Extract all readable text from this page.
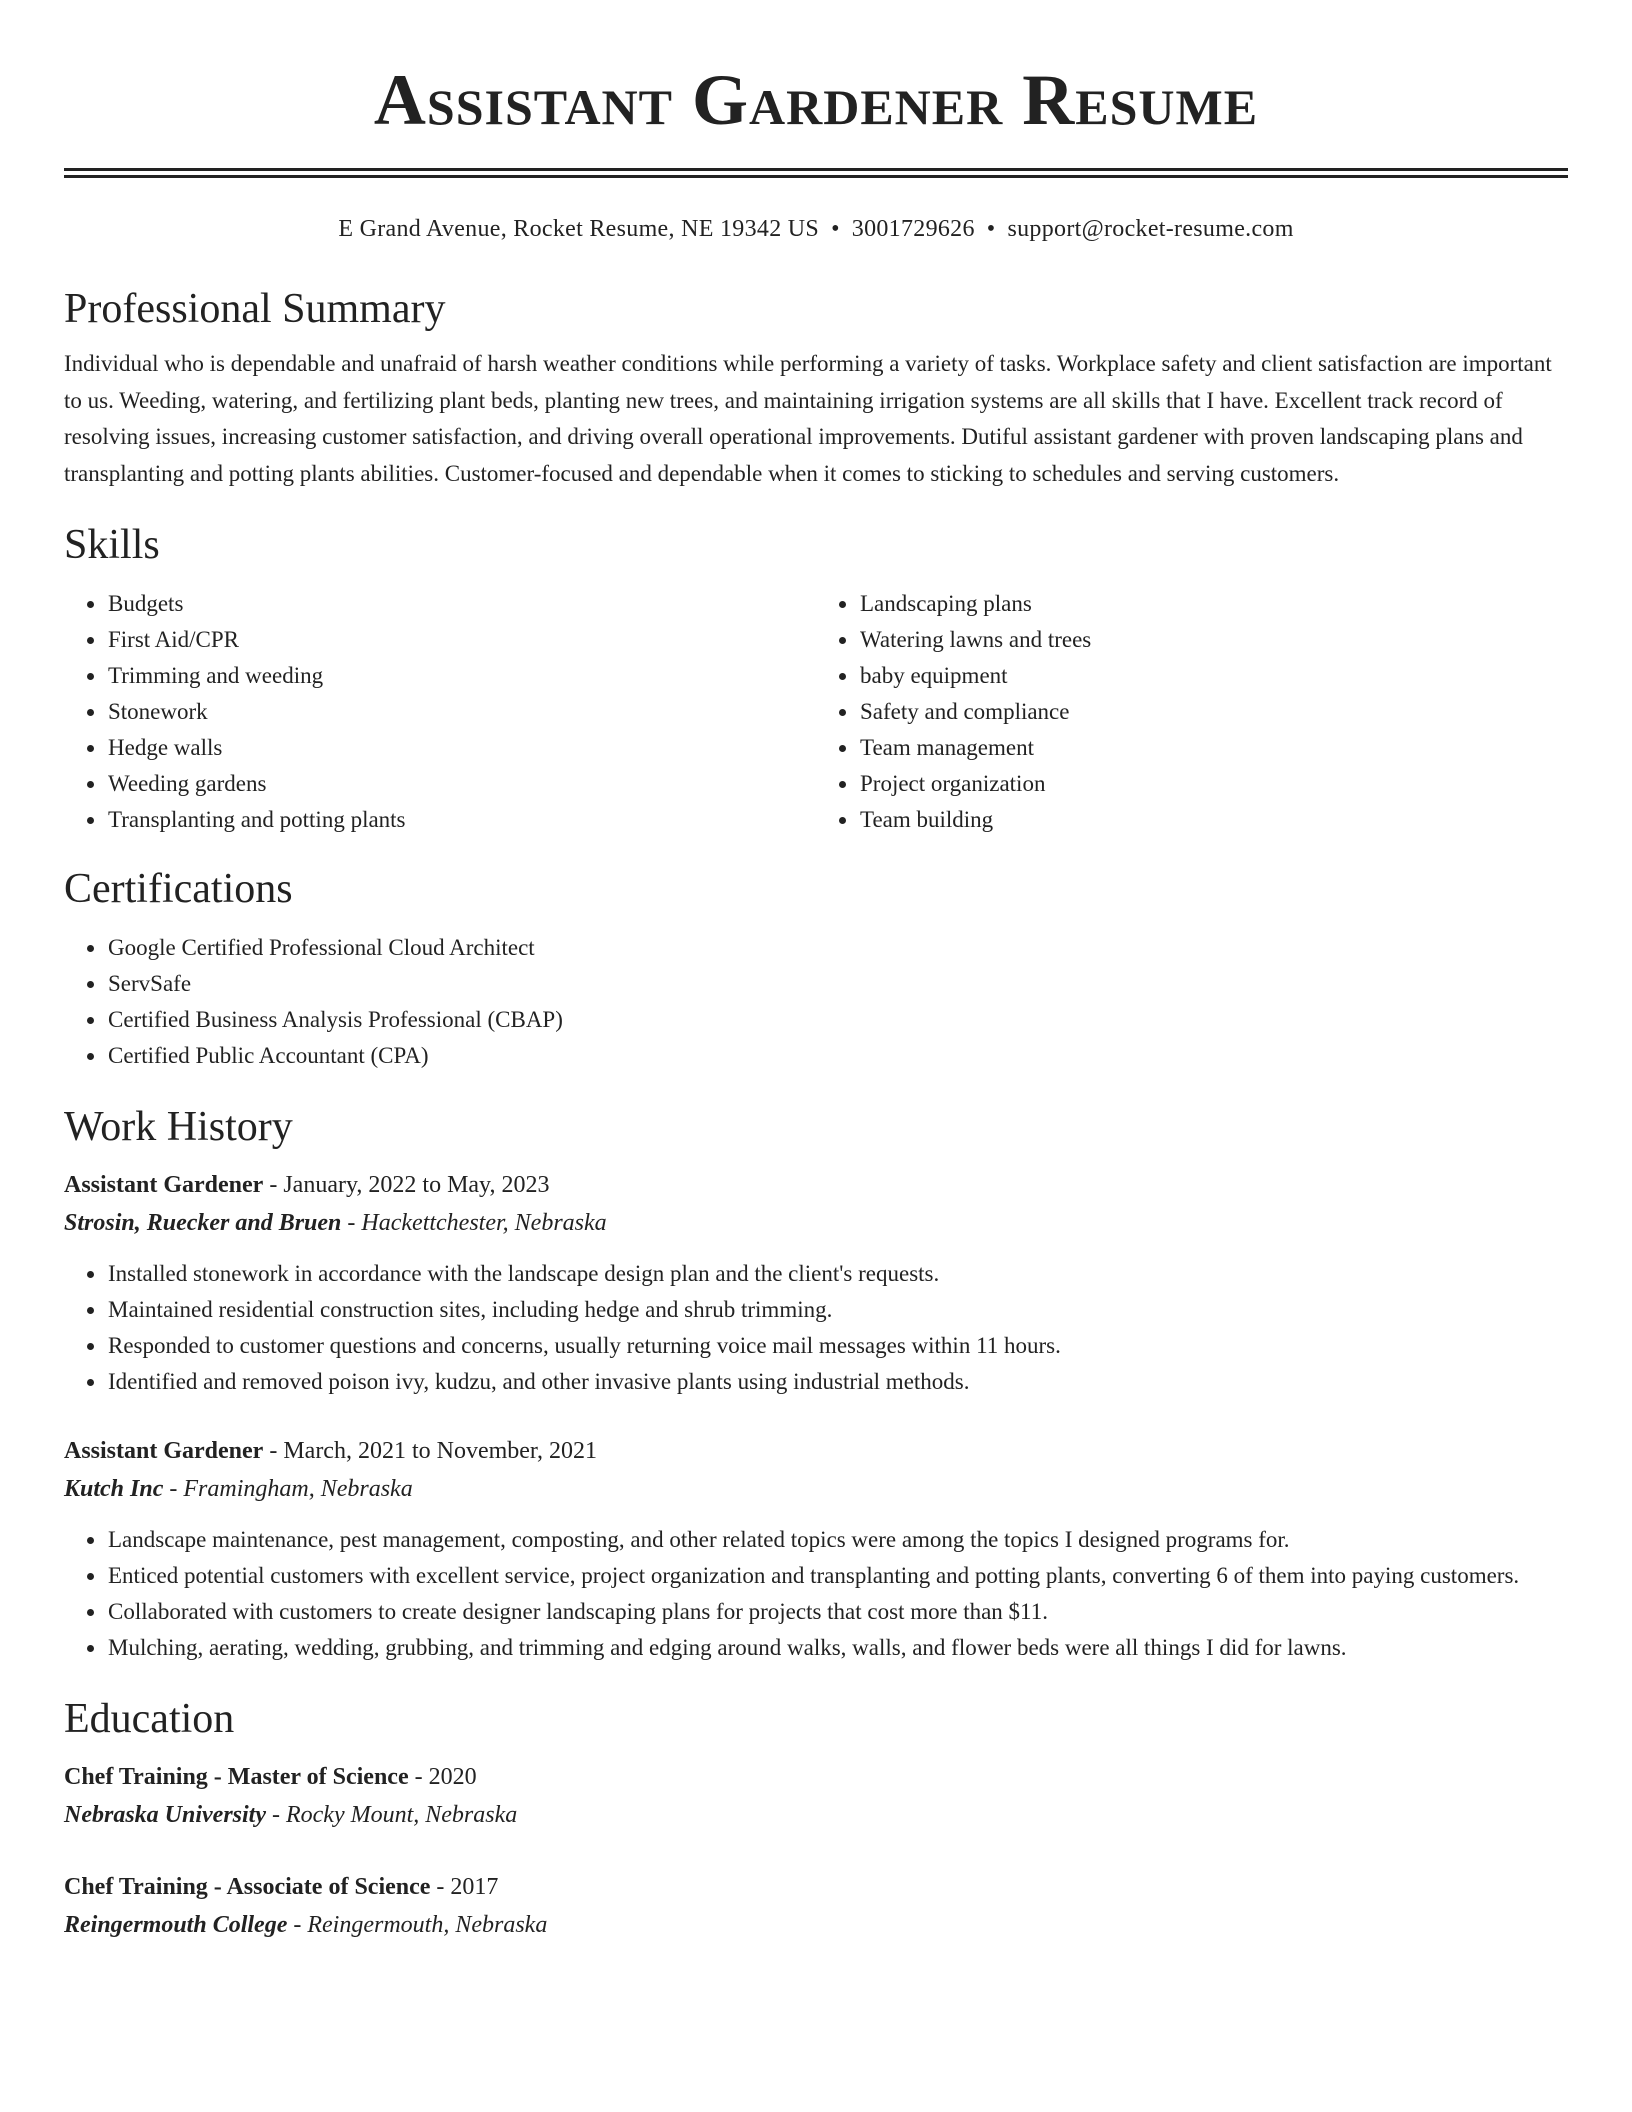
Assistant Gardener Resume
E Grand Avenue, Rocket Resume, NE 19342 US • 3001729626 • support@rocket-resume.com
Professional Summary

Individual who is dependable and unafraid of harsh weather conditions while performing a variety of tasks. Workplace safety and client satisfaction are important to us. Weeding, watering, and fertilizing plant beds, planting new trees, and maintaining irrigation systems are all skills that I have. Excellent track record of resolving issues, increasing customer satisfaction, and driving overall operational improvements. Dutiful assistant gardener with proven landscaping plans and transplanting and potting plants abilities. Customer-focused and dependable when it comes to sticking to schedules and serving customers.

Skills
• Budgets
• First Aid/CPR
• Trimming and weeding
• Stonework
• Hedge walls
• Weeding gardens
• Transplanting and potting plants
• Landscaping plans
• Watering lawns and trees
• baby equipment
• Safety and compliance
• Team management
• Project organization
• Team building
Certifications
• Google Certified Professional Cloud Architect
• ServSafe
• Certified Business Analysis Professional (CBAP)
• Certified Public Accountant (CPA)
Work History
Assistant Gardener - January, 2022 to May, 2023
Strosin, Ruecker and Bruen - Hackettchester, Nebraska
• Installed stonework in accordance with the landscape design plan and the client's requests.
• Maintained residential construction sites, including hedge and shrub trimming.
• Responded to customer questions and concerns, usually returning voice mail messages within 11 hours.
• Identified and removed poison ivy, kudzu, and other invasive plants using industrial methods.
Assistant Gardener - March, 2021 to November, 2021
Kutch Inc - Framingham, Nebraska
• Landscape maintenance, pest management, composting, and other related topics were among the topics I designed programs for.
• Enticed potential customers with excellent service, project organization and transplanting and potting plants, converting 6 of them into paying customers.
• Collaborated with customers to create designer landscaping plans for projects that cost more than $11.
• Mulching, aerating, wedding, grubbing, and trimming and edging around walks, walls, and flower beds were all things I did for lawns.
Education
Chef Training - Master of Science - 2020
Nebraska University - Rocky Mount, Nebraska
Chef Training - Associate of Science - 2017
Reingermouth College - Reingermouth, Nebraska
